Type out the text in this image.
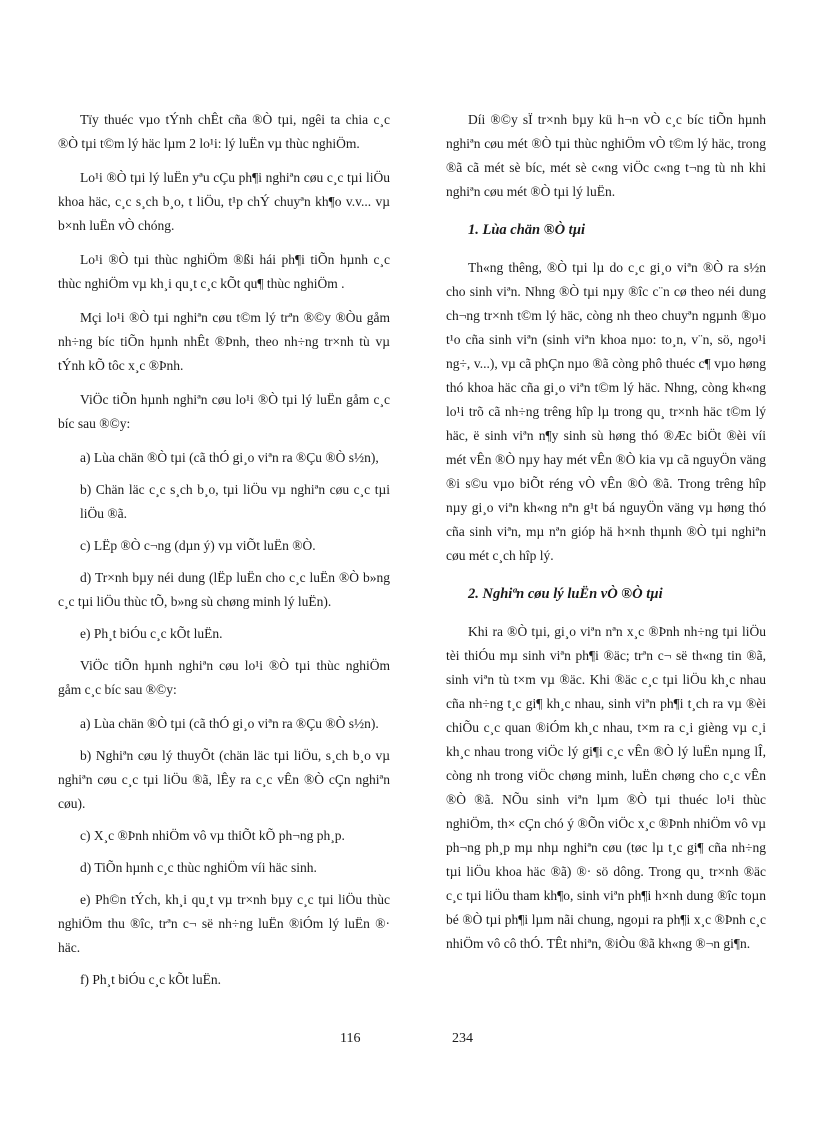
Tïy thuéc vµo tÝnh chÊt cña ®Ò tµi, ngêi ta chia c¸c ®Ò tµi t©m lý häc lµm 2 lo¹i: lý luËn vµ thùc nghiÖm.

Lo¹i ®Ò tµi lý luËn yªu cÇu ph¶i nghiªn cøu c¸c tµi liÖu khoa häc, c¸c s¸ch b¸o, t liÖu, t¹p chÝ chuyªn kh¶o v.v... vµ b×nh luËn vÒ chóng.

Lo¹i ®Ò tµi thùc nghiÖm ®ßi hái ph¶i tiÕn hµnh c¸c thùc nghiÖm vµ kh¸i qu¸t c¸c kÕt qu¶ thùc nghiÖm .

Mçi lo¹i ®Ò tµi nghiªn cøu t©m lý trªn ®©y ®Òu gåm nh÷ng bíc tiÕn hµnh nhÊt ®Þnh, theo nh÷ng tr×nh tù vµ tÝnh kÕ tôc x¸c ®Þnh.

ViÖc tiÕn hµnh nghiªn cøu lo¹i ®Ò tµi lý luËn gåm c¸c bíc sau ®©y:

a) Lùa chän ®Ò tµi (cã thÓ gi¸o viªn ra ®Çu ®Ò s½n),

b) Chän läc c¸c s¸ch b¸o, tµi liÖu vµ nghiªn cøu c¸c tµi liÖu ®ã.

c) LËp ®Ò c¬ng (dµn ý) vµ viÕt luËn ®Ò.

d) Tr×nh bµy néi dung (lËp luËn cho c¸c luËn ®Ò b»ng c¸c tµi liÖu thùc tÕ, b»ng sù chøng minh lý luËn).

e) Ph¸t biÓu c¸c kÕt luËn.

ViÖc tiÕn hµnh nghiªn cøu lo¹i ®Ò tµi thùc nghiÖm gåm c¸c bíc sau ®©y:

a) Lùa chän ®Ò tµi (cã thÓ gi¸o viªn ra ®Çu ®Ò s½n).

b) Nghiªn cøu lý thuyÕt (chän läc tµi liÖu, s¸ch b¸o vµ nghiªn cøu c¸c tµi liÖu ®ã, lÊy ra c¸c vÊn ®Ò cÇn nghiªn cøu).

c) X¸c ®Þnh nhiÖm vô vµ thiÕt kÕ ph¬ng ph¸p.

d) TiÕn hµnh c¸c thùc nghiÖm víi häc sinh.

e) Ph©n tÝch, kh¸i qu¸t vµ tr×nh bµy c¸c tµi liÖu thùc nghiÖm thu ®îc, trªn c¬ së nh÷ng luËn ®iÓm lý luËn ®· häc.

f) Ph¸t biÓu c¸c kÕt luËn.

Díi ®©y sÏ tr×nh bµy kü h¬n vÒ c¸c bíc tiÕn hµnh nghiªn cøu mét ®Ò tµi thùc nghiÖm vÒ t©m lý häc, trong ®ã cã mét sè bíc, mét sè c«ng viÖc c«ng t¬ng tù nh khi nghiªn cøu mét ®Ò tµi lý luËn.

1. Lùa chän ®Ò tµi

Th«ng thêng, ®Ò tµi lµ do c¸c gi¸o viªn ®Ò ra s½n cho sinh viªn. Nhng ®Ò tµi nµy ®îc c¨n cø theo néi dung ch¬ng tr×nh t©m lý häc, còng nh theo chuyªn ngµnh ®µo t¹o cña sinh viªn (sinh viªn khoa nµo: to¸n, v¨n, sö, ngo¹i ng÷, v...), vµ cã phÇn nµo ®ã còng phô thuéc c¶ vµo høng thó khoa häc cña gi¸o viªn t©m lý häc. Nhng, còng kh«ng lo¹i trõ cã nh÷ng trêng hîp lµ trong qu¸ tr×nh häc t©m lý häc, ë sinh viªn n¶y sinh sù høng thó ®Æc biÖt ®èi víi mét vÊn ®Ò nµy hay mét vÊn ®Ò kia vµ cã nguyÖn väng ®i s©u vµo biÕt réng vÒ vÊn ®Ò ®ã. Trong trêng hîp nµy gi¸o viªn kh«ng nªn g¹t bá nguyÖn väng vµ høng thó cña sinh viªn, mµ nªn gióp hä h×nh thµnh ®Ò tµi nghiªn cøu mét c¸ch hîp lý.

2. Nghiªn cøu lý luËn vÒ ®Ò tµi

Khi ra ®Ò tµi, gi¸o viªn nªn x¸c ®Þnh nh÷ng tµi liÖu tèi thiÓu mµ sinh viªn ph¶i ®äc; trªn c¬ së th«ng tin ®ã, sinh viªn tù t×m vµ ®äc. Khi ®äc c¸c tµi liÖu kh¸c nhau cña nh÷ng t¸c gi¶ kh¸c nhau, sinh viªn ph¶i t¸ch ra vµ ®èi chiÕu c¸c quan ®iÓm kh¸c nhau, t×m ra c¸i gièng vµ c¸i kh¸c nhau trong viÖc lý gi¶i c¸c vÊn ®Ò lý luËn nµng lÎ, còng nh trong viÖc chøng minh, luËn chøng cho c¸c vÊn ®Ò ®ã. NÕu sinh viªn lµm ®Ò tµi thuéc lo¹i thùc nghiÖm, th× cÇn chó ý ®Õn viÖc x¸c ®Þnh nhiÖm vô vµ ph¬ng ph¸p mµ nhµ nghiªn cøu (tøc lµ t¸c gi¶ cña nh÷ng tµi liÖu khoa häc ®ã) ®· sö dông. Trong qu¸ tr×nh ®äc c¸c tµi liÖu tham kh¶o, sinh viªn ph¶i h×nh dung ®îc toµn bé ®Ò tµi ph¶i lµm nãi chung, ngoµi ra ph¶i x¸c ®Þnh c¸c nhiÖm vô cô thÓ. TÊt nhiªn, ®iÒu ®ã kh«ng ®¬n gi¶n.

116	234
